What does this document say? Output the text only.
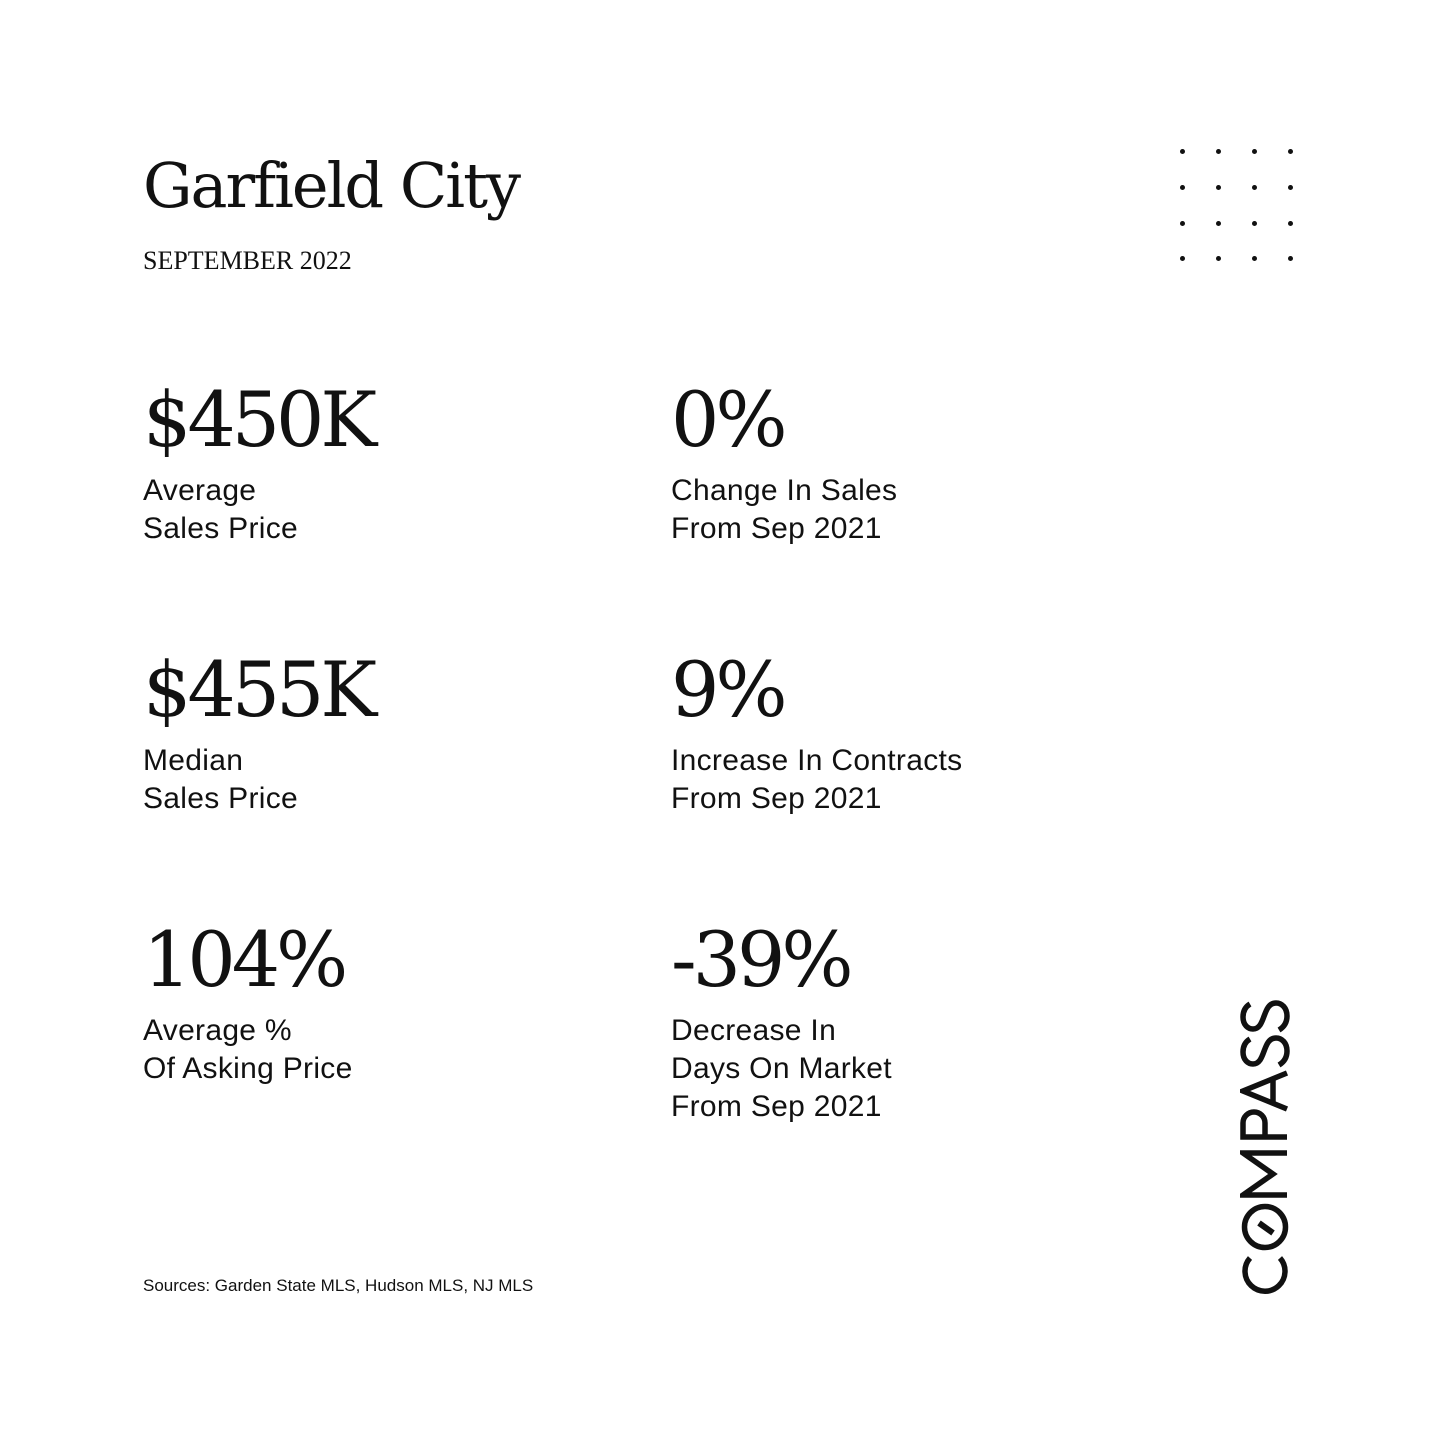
Garfield City
SEPTEMBER 2022
$450K
Average
Sales Price
0%
Change In Sales
From Sep 2021
$455K
Median
Sales Price
9%
Increase In Contracts
From Sep 2021
104%
Average %
Of Asking Price
-39%
Decrease In
Days On Market
From Sep 2021
Sources: Garden State MLS, Hudson MLS, NJ MLS
